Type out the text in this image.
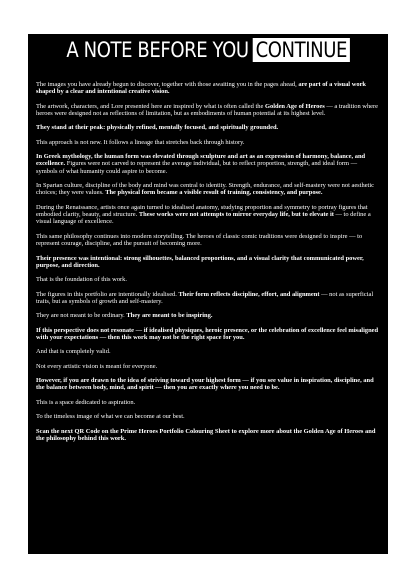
A NOTE BEFORE YOU CONTINUE

The images you have already begun to discover, together with those awaiting you in the pages ahead, are part of a visual work shaped by a clear and intentional creative vision.

The artwork, characters, and Lore presented here are inspired by what is often called the Golden Age of Heroes — a tradition where heroes were designed not as reflections of limitation, but as embodiments of human potential at its highest level.

They stand at their peak: physically refined, mentally focused, and spiritually grounded.

This approach is not new. It follows a lineage that stretches back through history.

In Greek mythology, the human form was elevated through sculpture and art as an expression of harmony, balance, and excellence. Figures were not carved to represent the average individual, but to reflect proportion, strength, and ideal form — symbols of what humanity could aspire to become.

In Spartan culture, discipline of the body and mind was central to identity. Strength, endurance, and self-mastery were not aesthetic choices; they were values. The physical form became a visible result of training, consistency, and purpose.

During the Renaissance, artists once again turned to idealised anatomy, studying proportion and symmetry to portray figures that embodied clarity, beauty, and structure. These works were not attempts to mirror everyday life, but to elevate it — to define a visual language of excellence.

This same philosophy continues into modern storytelling. The heroes of classic comic traditions were designed to inspire — to represent courage, discipline, and the pursuit of becoming more.

Their presence was intentional: strong silhouettes, balanced proportions, and a visual clarity that communicated power, purpose, and direction.

That is the foundation of this work.

The figures in this portfolio are intentionally idealised. Their form reflects discipline, effort, and alignment — not as superficial traits, but as symbols of growth and self-mastery.

They are not meant to be ordinary. They are meant to be inspiring.

If this perspective does not resonate — if idealised physiques, heroic presence, or the celebration of excellence feel misaligned with your expectations — then this work may not be the right space for you.

And that is completely valid.

Not every artistic vision is meant for everyone.

However, if you are drawn to the idea of striving toward your highest form — if you see value in inspiration, discipline, and the balance between body, mind, and spirit — then you are exactly where you need to be.

This is a space dedicated to aspiration.

To the timeless image of what we can become at our best.

Scan the next QR Code on the Prime Heroes Portfolio Colouring Sheet to explore more about the Golden Age of Heroes and the philosophy behind this work.
